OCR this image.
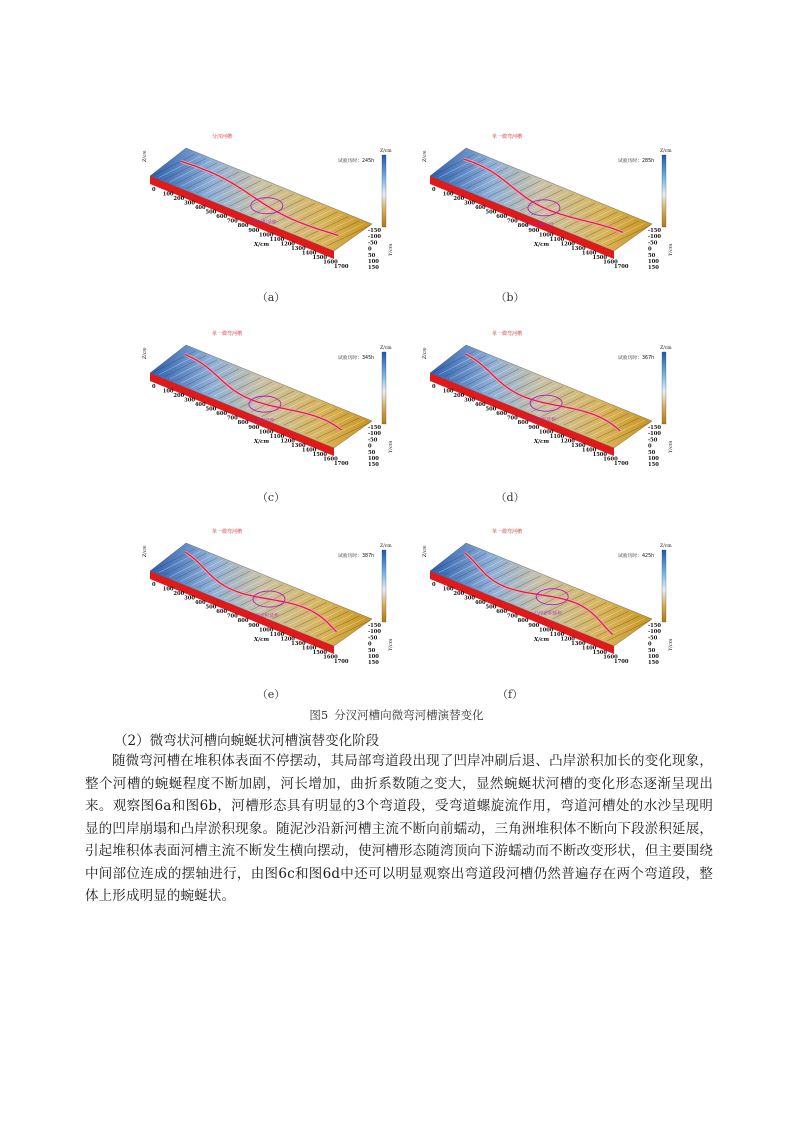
凸岸淤积延伸
分汊河槽
试验历时：245h
Z/cm
0
100
200
300
400
500
600
700
800
900
1000
1100
1200
1300
1400
1500
1600
1700
X/cm
-150
-100
-50
0
50
100
150
Y/cm
Z/cm
（a）
凹岸冲刷后退
单一微弯河槽
试验历时：285h
Z/cm
0
100
200
300
400
500
600
700
800
900
1000
1100
1200
1300
1400
1500
1600
1700
X/cm
-150
-100
-50
0
50
100
150
Y/cm
Z/cm
（b）
凸岸淤积延伸
单一微弯河槽
试验历时：345h
Z/cm
0
100
200
300
400
500
600
700
800
900
1000
1100
1200
1300
1400
1500
1600
1700
X/cm
-150
-100
-50
0
50
100
150
Y/cm
Z/cm
（c）
凸岸淤积延伸
单一微弯河槽
试验历时：367h
Z/cm
0
100
200
300
400
500
600
700
800
900
1000
1100
1200
1300
1400
1500
1600
1700
X/cm
-150
-100
-50
0
50
100
150
Y/cm
Z/cm
（d）
凸岸淤积延伸
单一微弯河槽
试验历时：387h
Z/cm
0
100
200
300
400
500
600
700
800
900
1000
1100
1200
1300
1400
1500
1600
1700
X/cm
-150
-100
-50
0
50
100
150
Y/cm
Z/cm
（e）
凸岸淤积延伸
单一微弯河槽
试验历时：425h
Z/cm
0
100
200
300
400
500
600
700
800
900
1000
1100
1200
1300
1400
1500
1600
1700
X/cm
-150
-100
-50
0
50
100
150
Y/cm
Z/cm
（f）
图5 分汊河槽向微弯河槽演替变化
（2）微弯状河槽向蜿蜒状河槽演替变化阶段
随微弯河槽在堆积体表面不停摆动，其局部弯道段出现了凹岸冲刷后退、凸岸淤积加长的变化现象，整个河槽的蜿蜒程度不断加剧，河长增加，曲折系数随之变大，显然蜿蜒状河槽的变化形态逐渐呈现出来。观察图6a和图6b，河槽形态具有明显的3个弯道段，受弯道螺旋流作用，弯道河槽处的水沙呈现明显的凹岸崩塌和凸岸淤积现象。随泥沙沿新河槽主流不断向前蠕动，三角洲堆积体不断向下段淤积延展，引起堆积体表面河槽主流不断发生横向摆动，使河槽形态随湾顶向下游蠕动而不断改变形状，但主要围绕中间部位连成的摆轴进行，由图6c和图6d中还可以明显观察出弯道段河槽仍然普遍存在两个弯道段，整体上形成明显的蜿蜒状。
